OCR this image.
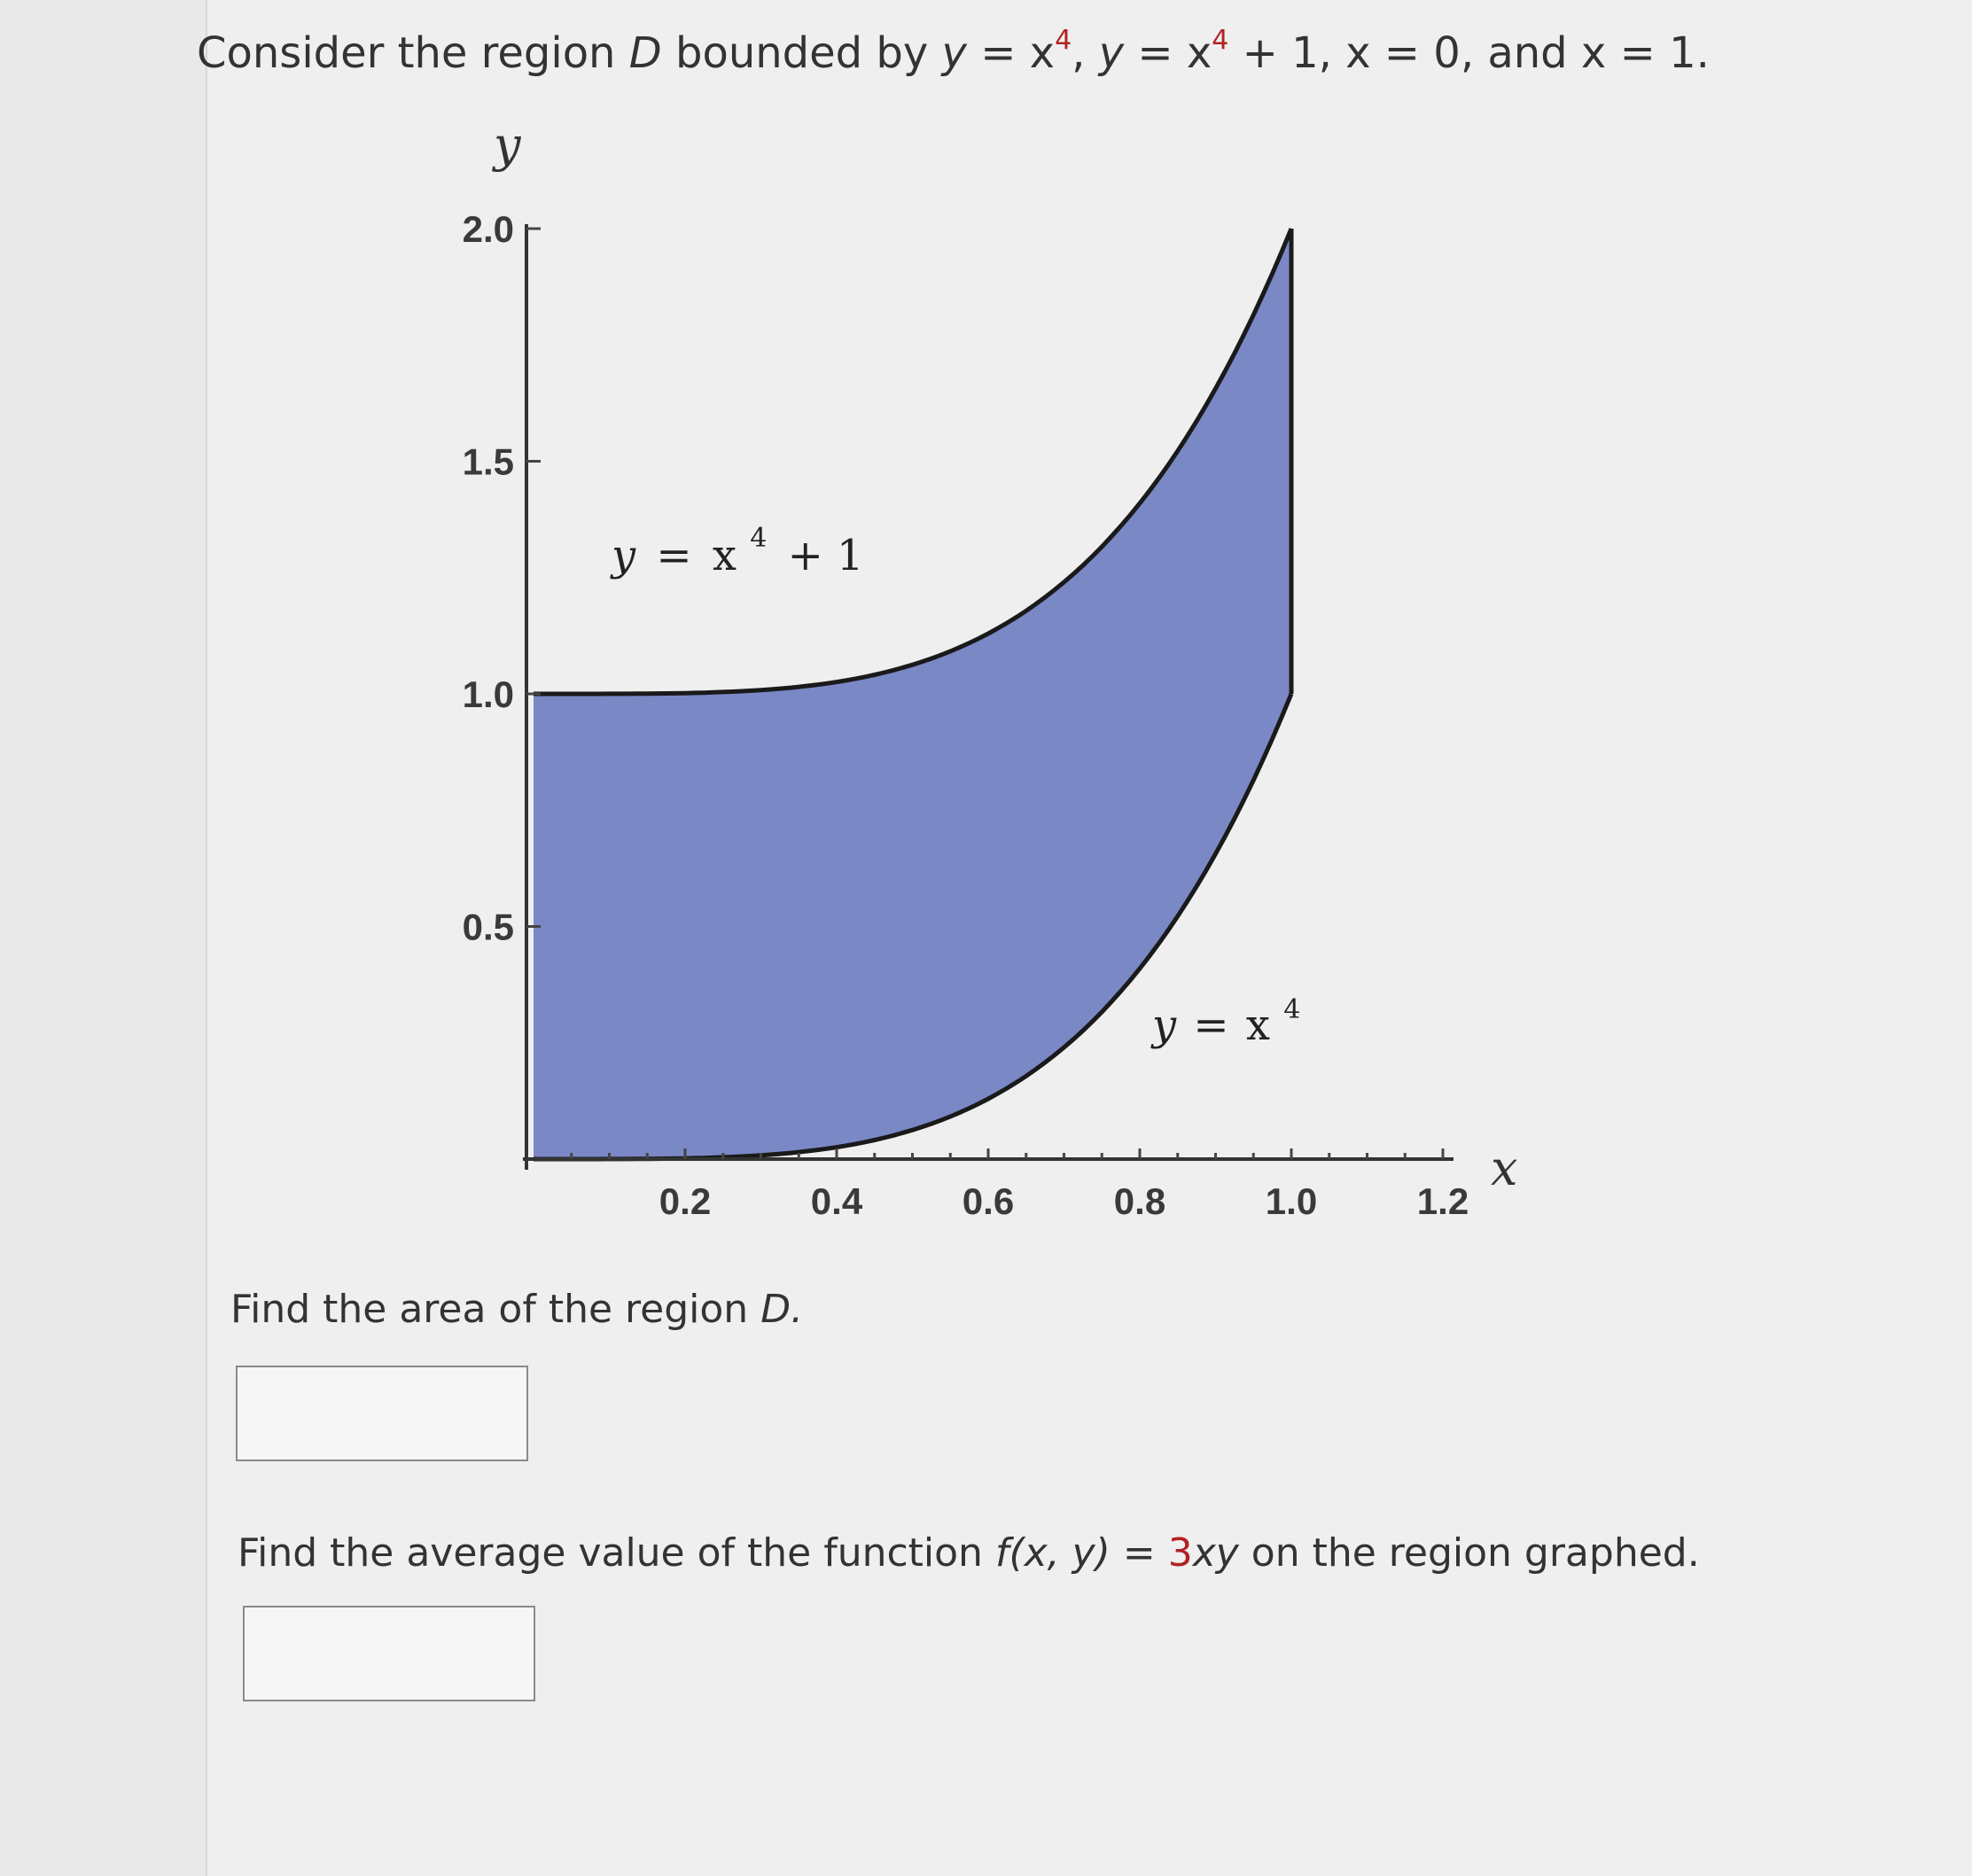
Consider the region D bounded by $y = x^4$, $y = x^4 + 1$, x = 0, and x = 1.
0.2	0.4	0.6	0.8	1.0	1.2
0.5
1.0
1.5
2.0
x
y
y = x $^4$ + 1
y = x $^4$
Find the area of the region D.
Find the average value of the function f(x, y) = 3xy on the region graphed.
